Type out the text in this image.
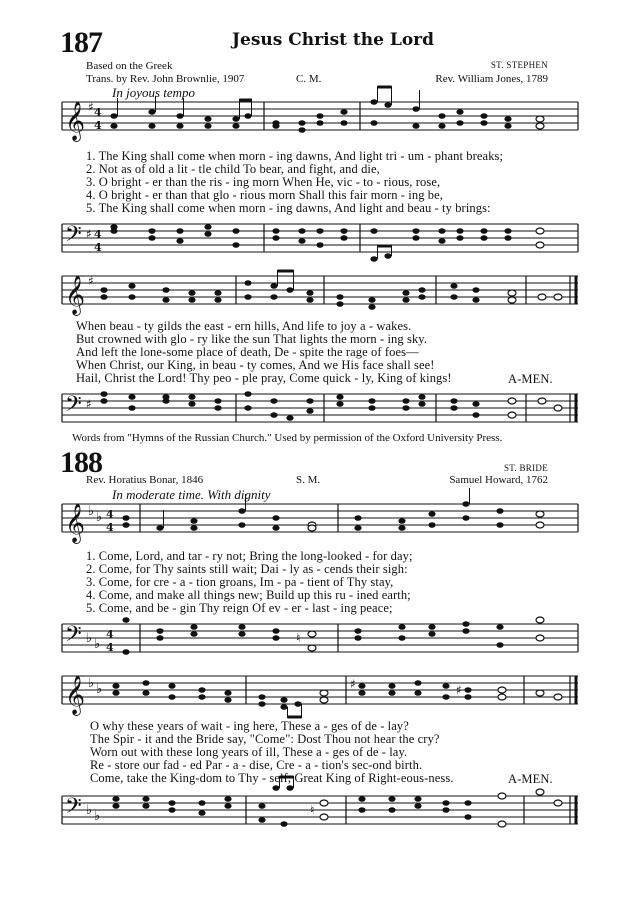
187	Jesus Christ the Lord
Based on the Greek
Trans. by Rev. John Brownlie, 1907	C. M.
ST. STEPHEN
Rev. William Jones, 1789
In joyous tempo
𝄞 ♯ 4
4
1. The King shall come when morn - ing dawns, And light tri - um - phant breaks;
2. Not as of old a lit - tle child To bear, and fight, and die,
3. O bright - er than the ris - ing morn When He, vic - to - rious, rose,
4. O bright - er than that glo - rious morn Shall this fair morn - ing be,
5. The King shall come when morn - ing dawns, And light and beau - ty brings:
𝄢 ♯ 4
4
𝄞 ♯
When beau - ty gilds the east - ern hills, And life to joy a - wakes.
But crowned with glo - ry like the sun That lights the morn - ing sky.
And left the lone-some place of death, De - spite the rage of foes—
When Christ, our King, in beau - ty comes, And we His face shall see!
Hail, Christ the Lord! Thy peo - ple pray, Come quick - ly, King of kings!	A-MEN.
𝄢 ♯
Words from "Hymns of the Russian Church." Used by permission of the Oxford University Press.
188	ST. BRIDE
Rev. Horatius Bonar, 1846	S. M.	Samuel Howard, 1762
In moderate time. With dignity
𝄞 ♭ ♭ 4
4
1. Come, Lord, and tar - ry not; Bring the long-looked - for day;
2. Come, for Thy saints still wait; Dai - ly as - cends their sigh:
3. Come, for cre - a - tion groans, Im - pa - tient of Thy stay,
4. Come, and make all things new; Build up this ru - ined earth;
5. Come, and be - gin Thy reign Of ev - er - last - ing peace;
𝄢 ♭ ♭
4
4
♮
𝄞 ♭ ♭	♯	♯
O why these years of wait - ing here, These a - ges of de - lay?
The Spir - it and the Bride say, "Come": Dost Thou not hear the cry?
Worn out with these long years of ill, These a - ges of de - lay.
Re - store our fad - ed Par - a - dise, Cre - a - tion's sec-ond birth.
Come, take the King-dom to Thy - self, Great King of Right-eous-ness.	A-MEN.
𝄢 ♭ ♭	♮
